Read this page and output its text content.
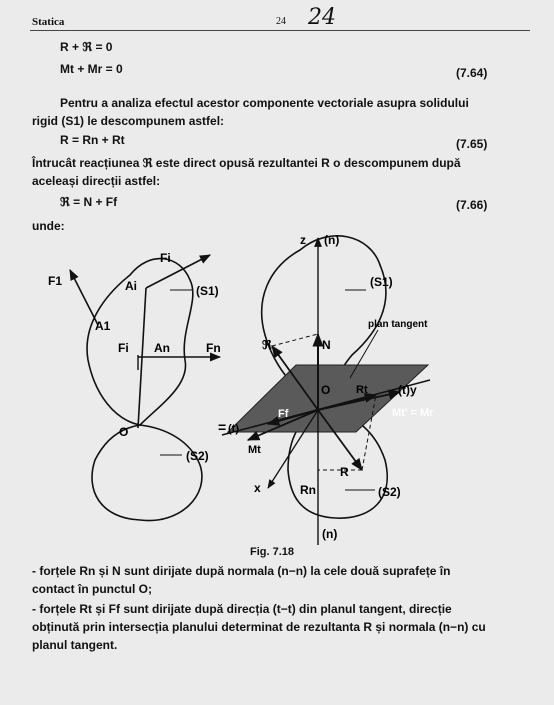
Statica	24 24
R + ℜ = 0
Mt + Mr = 0	(7.64)
Pentru a analiza efectul acestor componente vectoriale asupra solidului
rigid (S1) le descompunem astfel:
R = Rn + Rt	(7.65)
Întrucât reacțiunea ℜ este direct opusă rezultantei R o descompunem după
aceleași direcții astfel:
ℜ = N + Ff	(7.66)
unde:
F1
A1
Ai
Fi
(S1)
Fi An	Fn
O
(S2)
=
z (n)
(S1)
plan tangent
ℜ	N
O Rt	(t)y
Mt' = Mr
(t)
Ff
Mt
R
x	Rn	(S2)
(n)
Fig. 7.18
- forțele Rn și N sunt dirijate după normala (n−n) la cele două suprafețe în
contact în punctul O;
- forțele Rt și Ff sunt dirijate după direcția (t−t) din planul tangent, direcție
obținută prin intersecția planului determinat de rezultanta R și normala (n−n) cu
planul tangent.
